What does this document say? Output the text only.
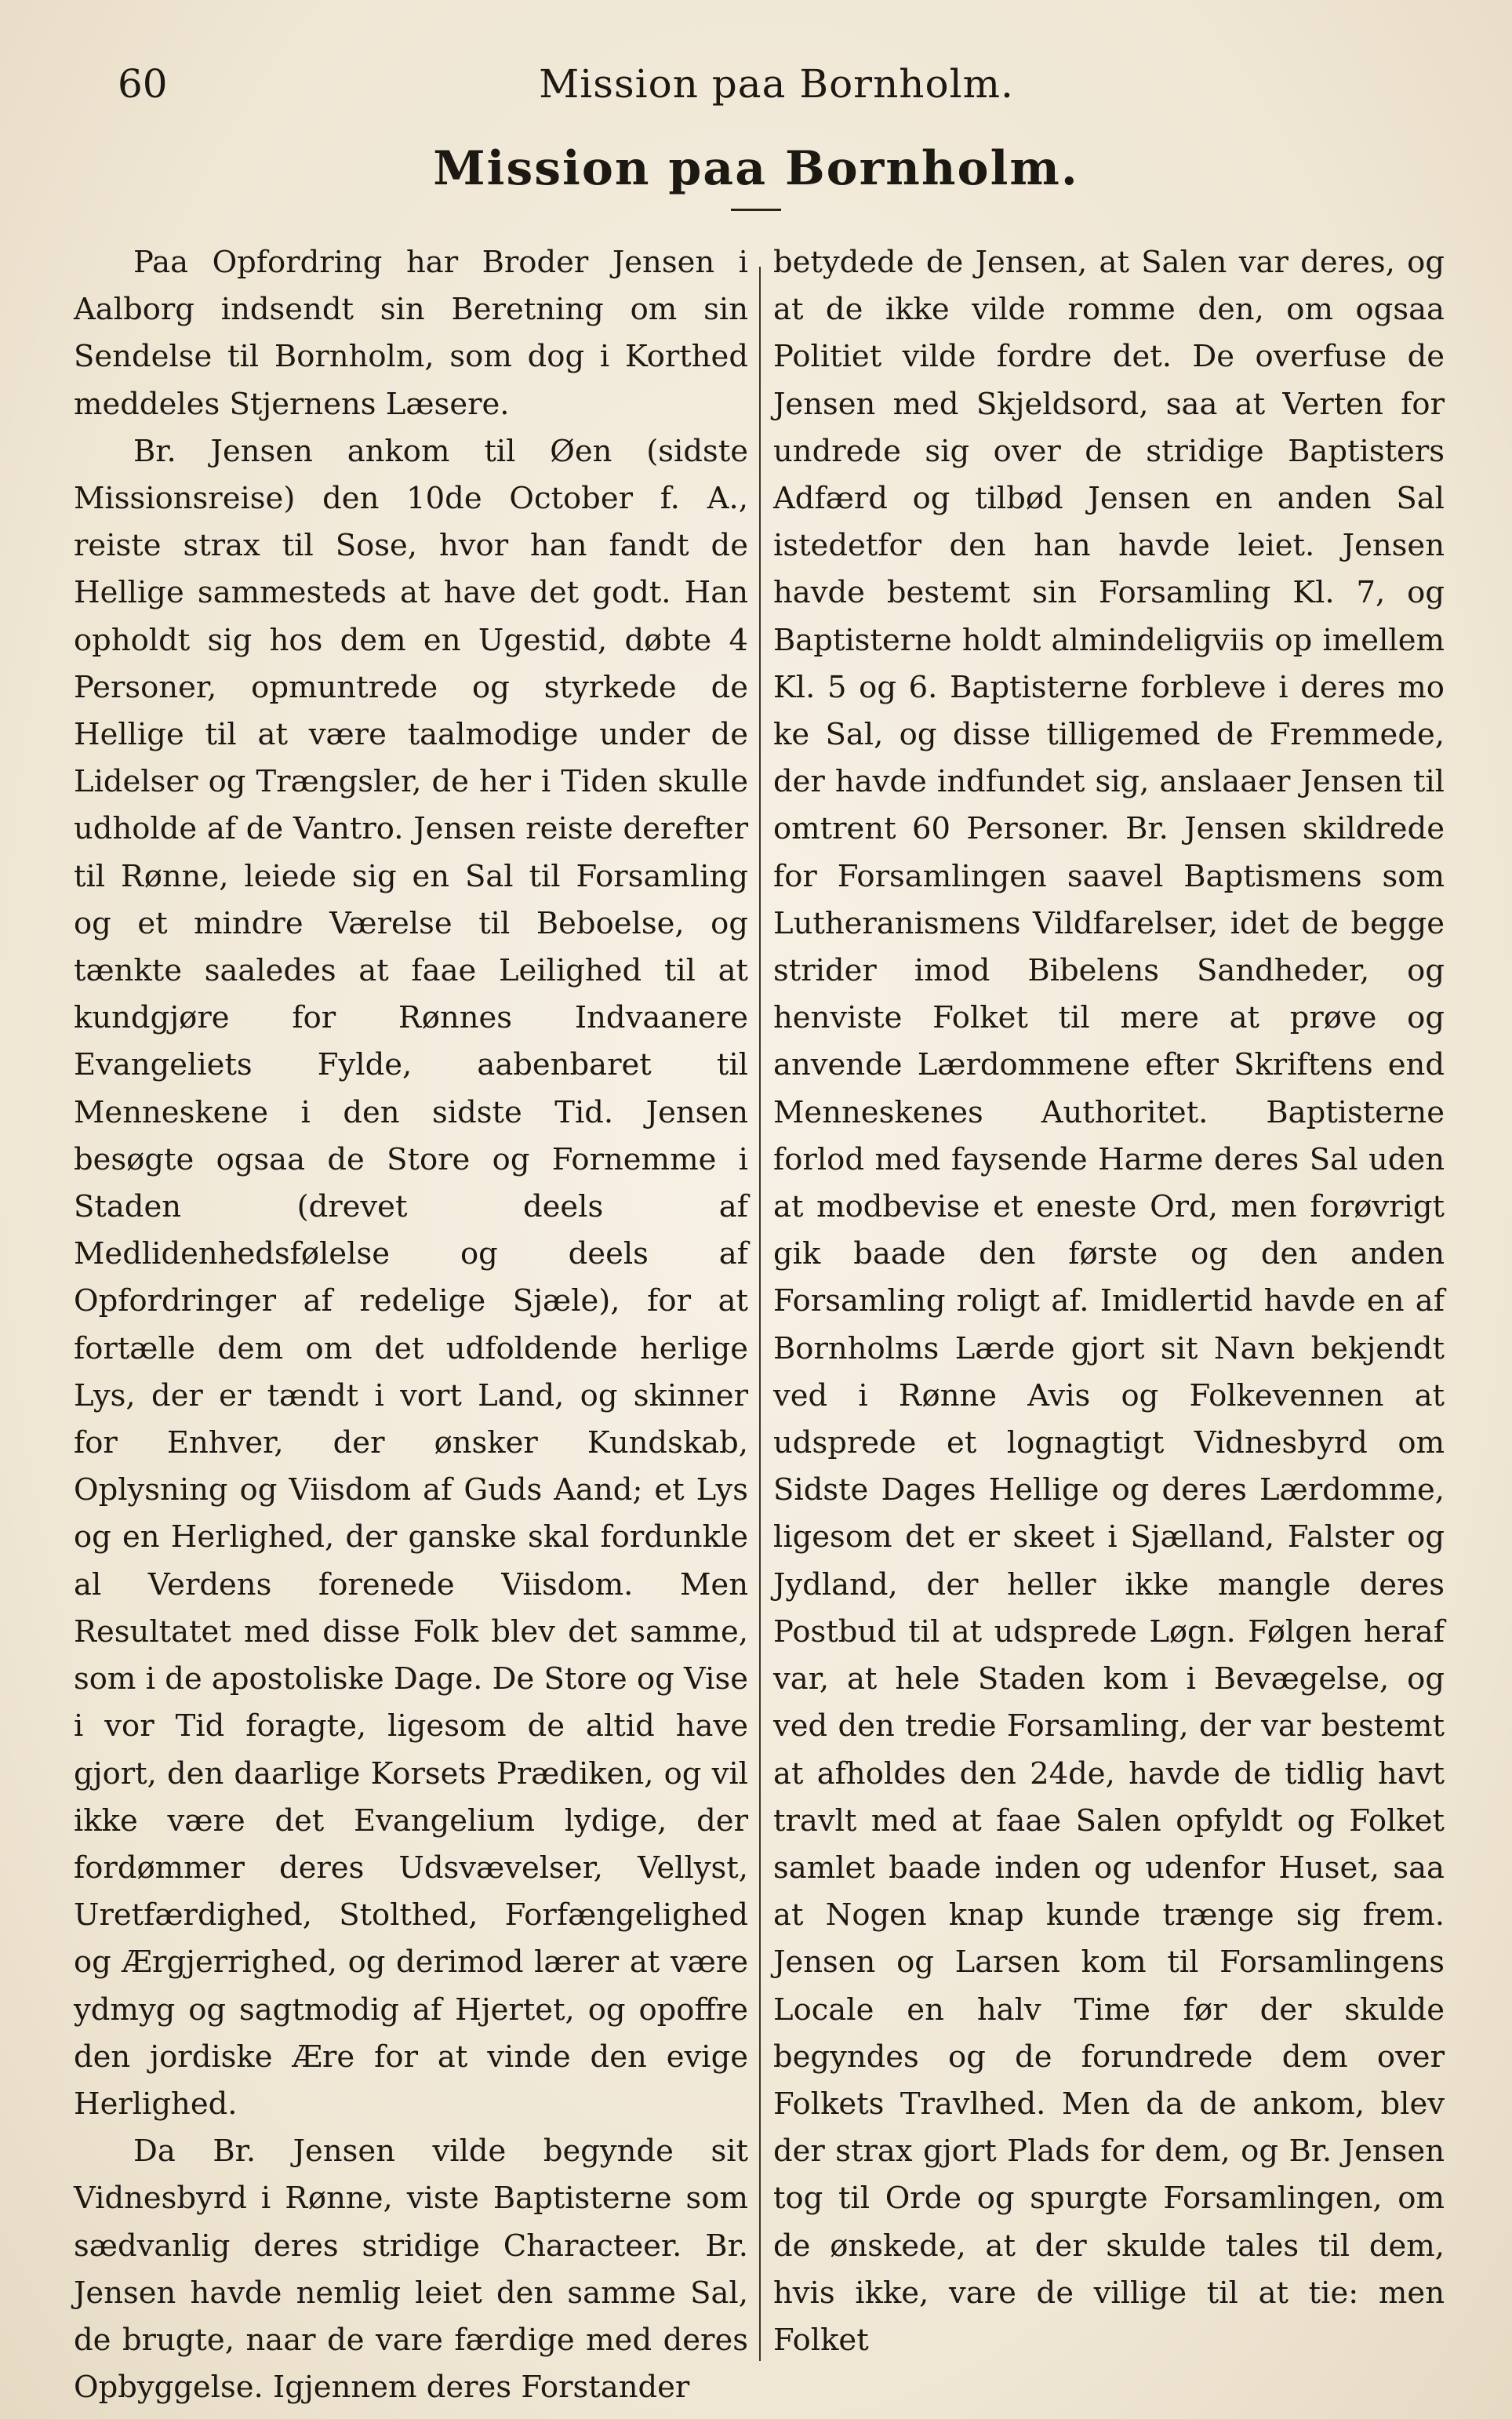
60	Mission paa Bornholm.
Mission paa Bornholm.

Paa Opfordring har Broder Jensen i Aalborg indsendt sin Beretning om sin Sendelse til Bornholm, som dog i Korthed meddeles Stjernens Læsere.

Br. Jensen ankom til Øen (sidste Missionsreise) den 10de October f. A., reiste strax til Sose, hvor han fandt de Hellige sammesteds at have det godt. Han opholdt sig hos dem en Ugestid, døbte 4 Personer, opmuntrede og styrkede de Hellige til at være taalmodige under de Lidelser og Trængsler, de her i Tiden skulle udholde af de Vantro. Jensen reiste derefter til Rønne, leiede sig en Sal til Forsamling og et mindre Værelse til Beboelse, og tænkte saaledes at faae Leilighed til at kundgjøre for Rønnes Indvaanere Evangeliets Fylde, aabenbaret til Menneskene i den sidste Tid. Jensen besøgte ogsaa de Store og Fornemme i Staden (drevet deels af Medlidenhedsfølelse og deels af Opfordringer af redelige Sjæle), for at fortælle dem om det udfoldende herlige Lys, der er tændt i vort Land, og skinner for Enhver, der ønsker Kundskab, Oplysning og Viisdom af Guds Aand; et Lys og en Herlighed, der ganske skal fordunkle al Verdens forenede Viisdom. Men Resultatet med disse Folk blev det samme, som i de apostoliske Dage. De Store og Vise i vor Tid foragte, ligesom de altid have gjort, den daarlige Korsets Prædiken, og vil ikke være det Evangelium lydige, der fordømmer deres Udsvævelser, Vellyst, Uretfærdighed, Stolthed, Forfængelighed og Ærgjerrighed, og derimod lærer at være ydmyg og sagtmodig af Hjertet, og opoffre den jordiske Ære for at vinde den evige Herlighed.

Da Br. Jensen vilde begynde sit Vidnesbyrd i Rønne, viste Baptisterne som sædvanlig deres stridige Characteer. Br. Jensen havde nemlig leiet den samme Sal, de brugte, naar de vare færdige med deres Opbyggelse. Igjennem deres Forstander

betydede de Jensen, at Salen var deres, og at de ikke vilde romme den, om ogsaa Politiet vilde fordre det. De overfuse de Jensen med Skjeldsord, saa at Verten for undrede sig over de stridige Baptisters Adfærd og tilbød Jensen en anden Sal istedetfor den han havde leiet. Jensen havde bestemt sin Forsamling Kl. 7, og Baptisterne holdt almindeligviis op imellem Kl. 5 og 6. Baptisterne forbleve i deres mo ke Sal, og disse tilligemed de Fremmede, der havde indfundet sig, anslaaer Jensen til omtrent 60 Personer. Br. Jensen skildrede for Forsamlingen saavel Baptismens som Lutheranismens Vildfarelser, idet de begge strider imod Bibelens Sandheder, og henviste Folket til mere at prøve og anvende Lærdommene efter Skriftens end Menneskenes Authoritet. Baptisterne forlod med faysende Harme deres Sal uden at modbevise et eneste Ord, men forøvrigt gik baade den første og den anden Forsamling roligt af. Imidlertid havde en af Bornholms Lærde gjort sit Navn bekjendt ved i Rønne Avis og Folkevennen at udsprede et lognagtigt Vidnesbyrd om Sidste Dages Hellige og deres Lærdomme, ligesom det er skeet i Sjælland, Falster og Jydland, der heller ikke mangle deres Postbud til at udsprede Løgn. Følgen heraf var, at hele Staden kom i Bevægelse, og ved den tredie Forsamling, der var bestemt at afholdes den 24de, havde de tidlig havt travlt med at faae Salen opfyldt og Folket samlet baade inden og udenfor Huset, saa at Nogen knap kunde trænge sig frem. Jensen og Larsen kom til Forsamlingens Locale en halv Time før der skulde begyndes og de forundrede dem over Folkets Travlhed. Men da de ankom, blev der strax gjort Plads for dem, og Br. Jensen tog til Orde og spurgte Forsamlingen, om de ønskede, at der skulde tales til dem, hvis ikke, vare de villige til at tie: men Folket
